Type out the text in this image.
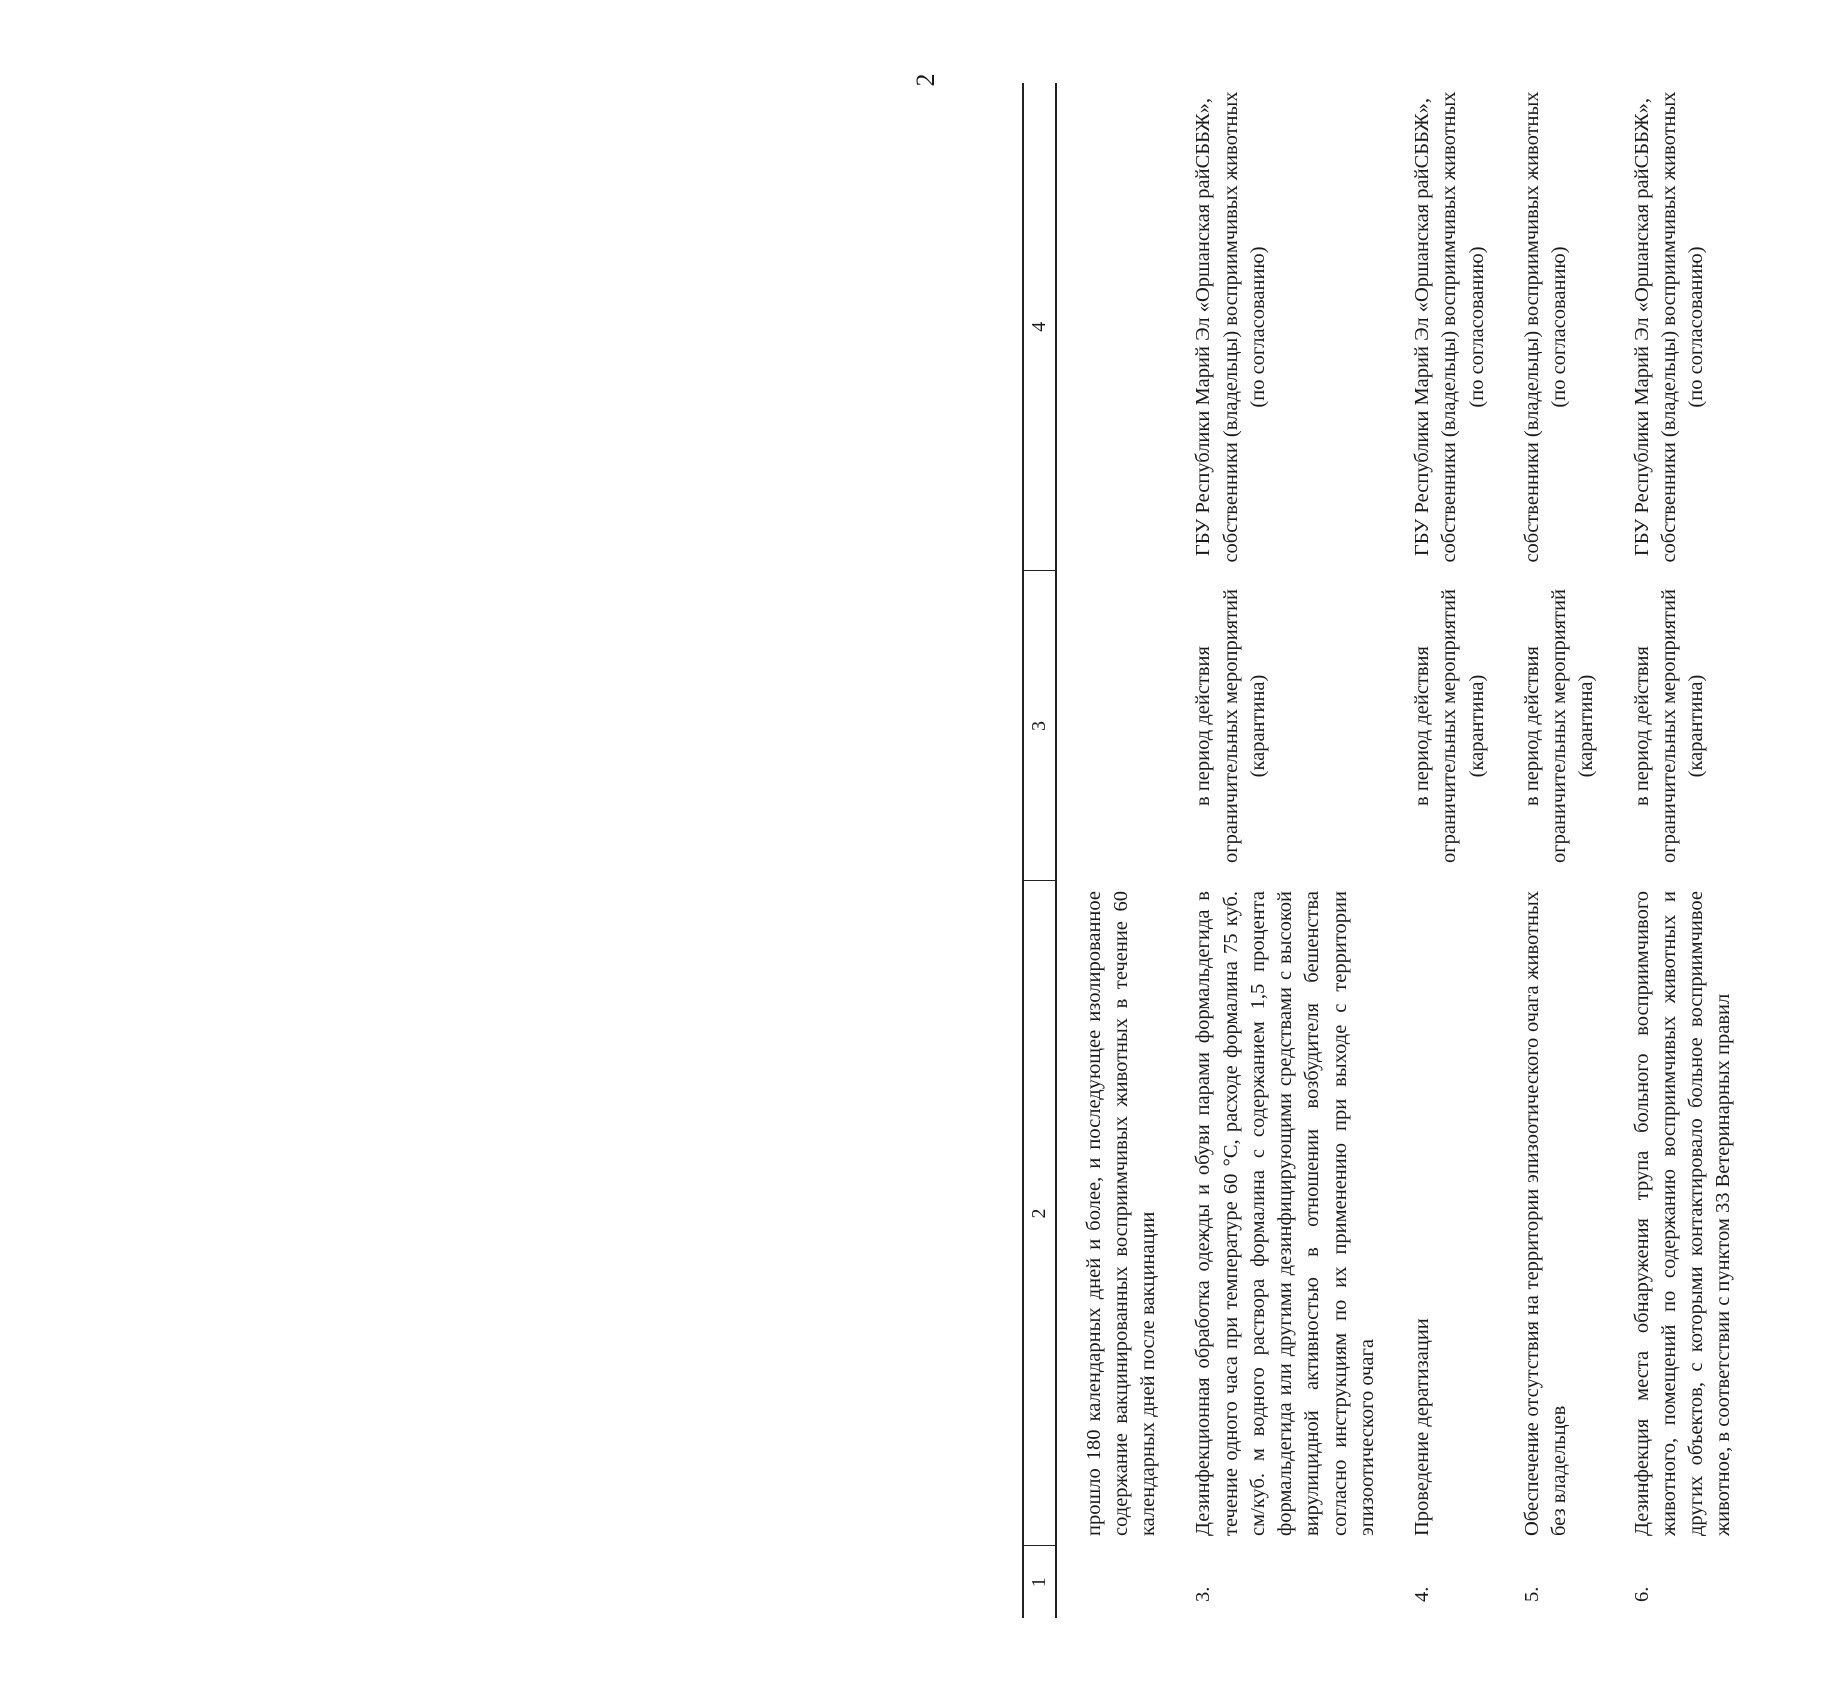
2
1	2	3	4
	прошло 180 календарных дней и более, и последующее изолированное содержание вакцинированных восприимчивых животных в течение 60 календарных дней после вакцинации		

3.	Дезинфекционная обработка одежды и обуви парами формальдегида в течение одного часа при температуре 60 °С, расходе формалина 75 куб. см/куб. м водного раствора формалина с содержанием 1,5 процента формальдегида или другими дезинфицирующими средствами с высокой вирулицидной активностью в отношении возбудителя бешенства согласно инструкциям по их применению при выходе с территории эпизоотического очага	в период действия ограничительных мероприятий (карантина)	ГБУ Республики Марий Эл «Оршанская райСББЖ», собственники (владельцы) восприимчивых животных (по согласованию)

4.	Проведение дератизации	в период действия ограничительных мероприятий (карантина)	ГБУ Республики Марий Эл «Оршанская райСББЖ», собственники (владельцы) восприимчивых животных (по согласованию)

5.	Обеспечение отсутствия на территории эпизоотического очага животных без владельцев	в период действия ограничительных мероприятий (карантина)	собственники (владельцы) восприимчивых животных (по согласованию)

6.	Дезинфекция места обнаружения трупа больного восприимчивого животного, помещений по содержанию восприимчивых животных и других объектов, с которыми контактировало больное восприимчивое животное, в соответствии с пунктом 33 Ветеринарных правил	в период действия ограничительных мероприятий (карантина)	ГБУ Республики Марий Эл «Оршанская райСББЖ», собственники (владельцы) восприимчивых животных (по согласованию)
